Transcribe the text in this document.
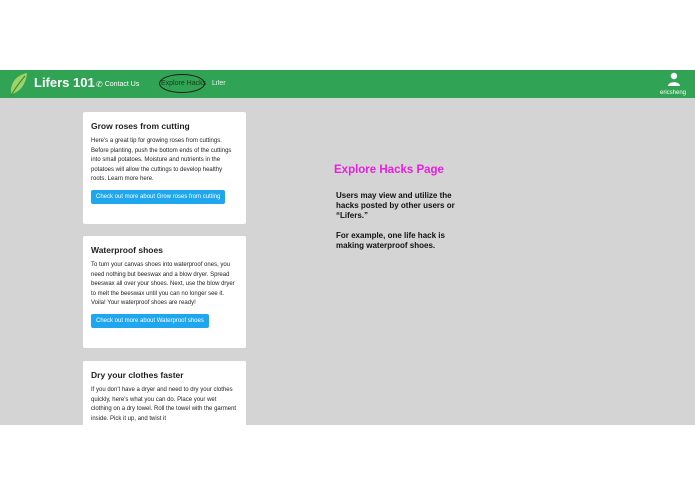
Lifers 101 ✆ Contact Us	Explore Hacks Lifer
ericsheng
Grow roses from cutting

Here's a great tip for growing roses from cuttings. Before planting, push the bottom ends of the cuttings into small potatoes. Moisture and nutrients in the potatoes will allow the cuttings to develop healthy roots. Learn more here.

Check out more about Grow roses from cutting
Waterproof shoes

To turn your canvas shoes into waterproof ones, you need nothing but beeswax and a blow dryer. Spread beeswax all over your shoes. Next, use the blow dryer to melt the beeswax until you can no longer see it. Voila! Your waterproof shoes are ready!

Check out more about Waterproof shoes
Dry your clothes faster

If you don't have a dryer and need to dry your clothes quickly, here's what you can do. Place your wet clothing on a dry towel. Roll the towel with the garment inside. Pick it up, and twist it

Explore Hacks Page

Users may view and utilize the hacks posted by other users or “Lifers.”

For example, one life hack is making waterproof shoes.
